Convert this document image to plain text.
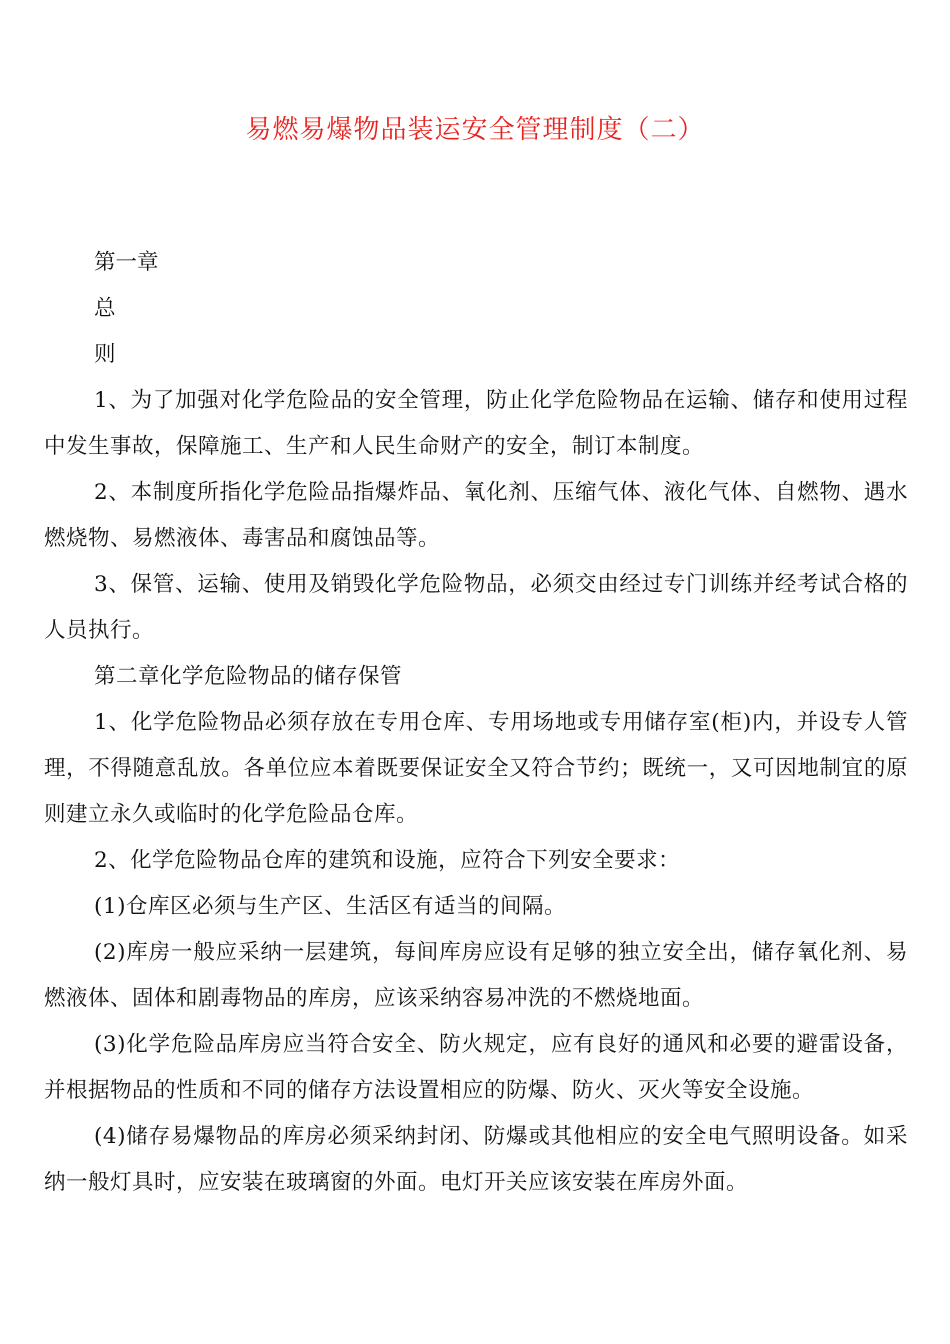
易燃易爆物品装运安全管理制度（二）

第一章

总

则

1、为了加强对化学危险品的安全管理，防止化学危险物品在运输、储存和使用过程中发生事故，保障施工、生产和人民生命财产的安全，制订本制度。

2、本制度所指化学危险品指爆炸品、氧化剂、压缩气体、液化气体、自燃物、遇水燃烧物、易燃液体、毒害品和腐蚀品等。

3、保管、运输、使用及销毁化学危险物品，必须交由经过专门训练并经考试合格的人员执行。

第二章化学危险物品的储存保管

1、化学危险物品必须存放在专用仓库、专用场地或专用储存室(柜)内，并设专人管理，不得随意乱放。各单位应本着既要保证安全又符合节约；既统一，又可因地制宜的原则建立永久或临时的化学危险品仓库。

2、化学危险物品仓库的建筑和设施，应符合下列安全要求：

(1)仓库区必须与生产区、生活区有适当的间隔。

(2)库房一般应采纳一层建筑，每间库房应设有足够的独立安全出，储存氧化剂、易燃液体、固体和剧毒物品的库房，应该采纳容易冲洗的不燃烧地面。

(3)化学危险品库房应当符合安全、防火规定，应有良好的通风和必要的避雷设备，并根据物品的性质和不同的储存方法设置相应的防爆、防火、灭火等安全设施。

(4)储存易爆物品的库房必须采纳封闭、防爆或其他相应的安全电气照明设备。如采纳一般灯具时，应安装在玻璃窗的外面。电灯开关应该安装在库房外面。
